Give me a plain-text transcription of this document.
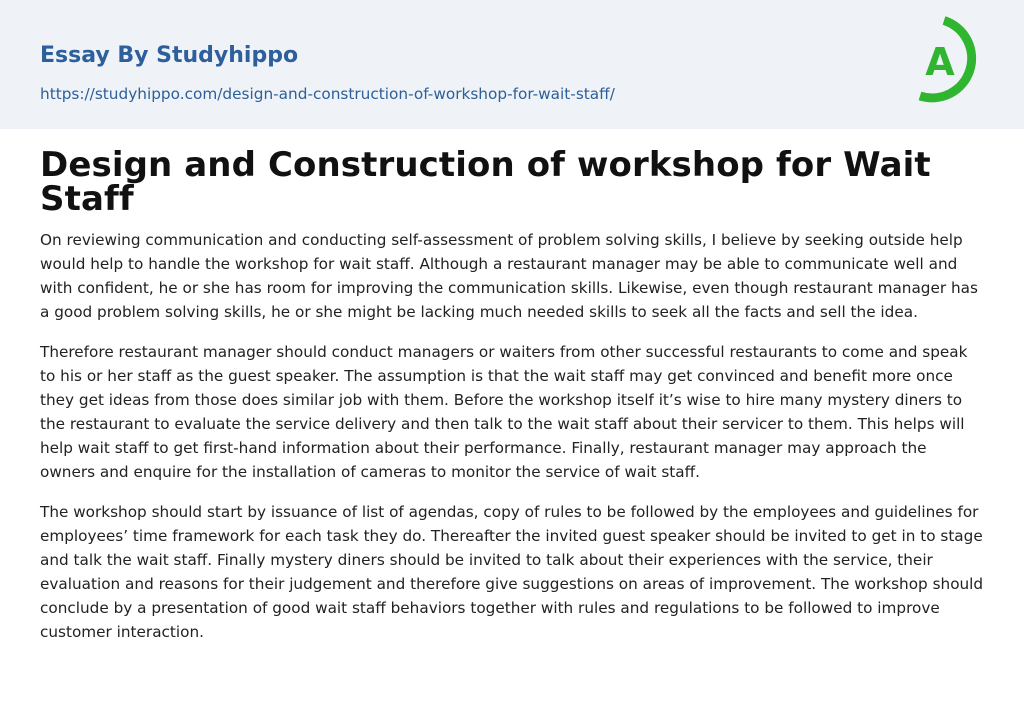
Essay By Studyhippo
https://studyhippo.com/design-and-construction-of-workshop-for-wait-staff/
A
Design and Construction of workshop for Wait Staff

On reviewing communication and conducting self-assessment of problem solving skills, I believe by seeking outside help would help to handle the workshop for wait staff. Although a restaurant manager may be able to communicate well and with confident, he or she has room for improving the communication skills. Likewise, even though restaurant manager has a good problem solving skills, he or she might be lacking much needed skills to seek all the facts and sell the idea.

Therefore restaurant manager should conduct managers or waiters from other successful restaurants to come and speak to his or her staff as the guest speaker. The assumption is that the wait staff may get convinced and benefit more once they get ideas from those does similar job with them. Before the workshop itself it’s wise to hire many mystery diners to the restaurant to evaluate the service delivery and then talk to the wait staff about their servicer to them. This helps will help wait staff to get first-hand information about their performance. Finally, restaurant manager may approach the owners and enquire for the installation of cameras to monitor the service of wait staff.

The workshop should start by issuance of list of agendas, copy of rules to be followed by the employees and guidelines for employees’ time framework for each task they do. Thereafter the invited guest speaker should be invited to get in to stage and talk the wait staff. Finally mystery diners should be invited to talk about their experiences with the service, their evaluation and reasons for their judgement and therefore give suggestions on areas of improvement. The workshop should conclude by a presentation of good wait staff behaviors together with rules and regulations to be followed to improve customer interaction.
